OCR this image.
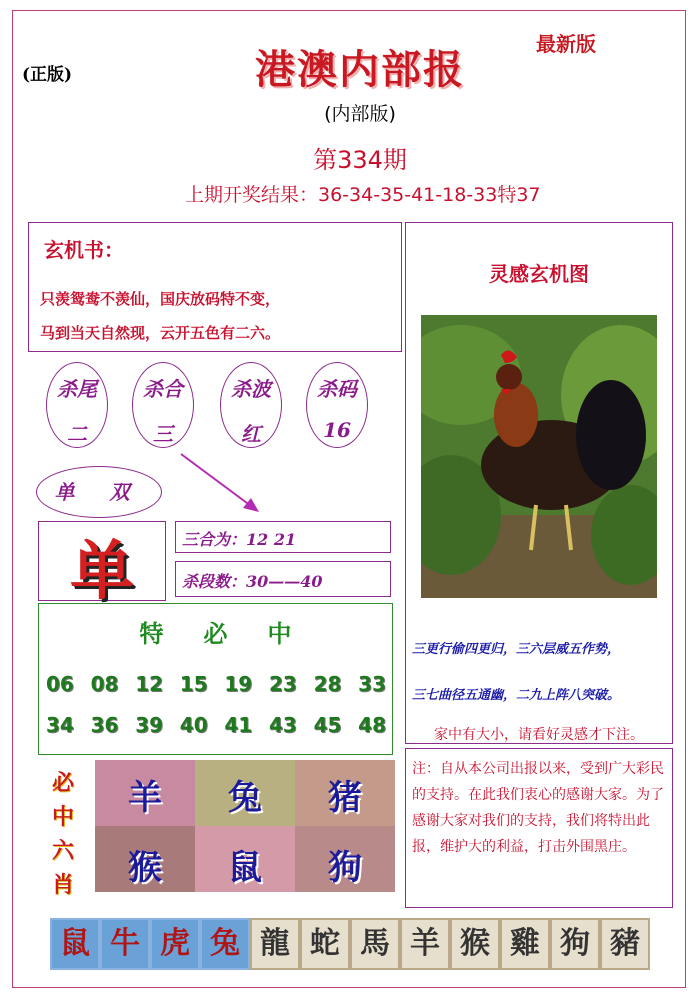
(正版)	港澳内部报
最新版
(内部版)
第334期
上期开奖结果：36-34-35-41-18-33特37
玄机书：
只羡鸳鸯不羡仙，国庆放码特不变，
马到当天自然现，云开五色有二六。
杀尾
二
杀合
三
杀波
红
杀码
16
单 双
单	三合为：12 21
杀段数：30——40
特必中
06 08 12 15 19 23 28 33
34 36 39 40 41 43 45 48
灵感玄机图
三更行偷四更归，三六层威五作势，
三七曲径五通幽，二九上阵八突破。
家中有大小，请看好灵感才下注。
注：自从本公司出报以来，受到广大彩民的支持。在此我们衷心的感谢大家。为了感谢大家对我们的支持，我们将特出此报，维护大的利益，打击外围黑庄。
必中六肖
羊	兔	猪
猴	鼠	狗
鼠 牛 虎 兔 龍 蛇 馬 羊 猴 雞 狗 豬
